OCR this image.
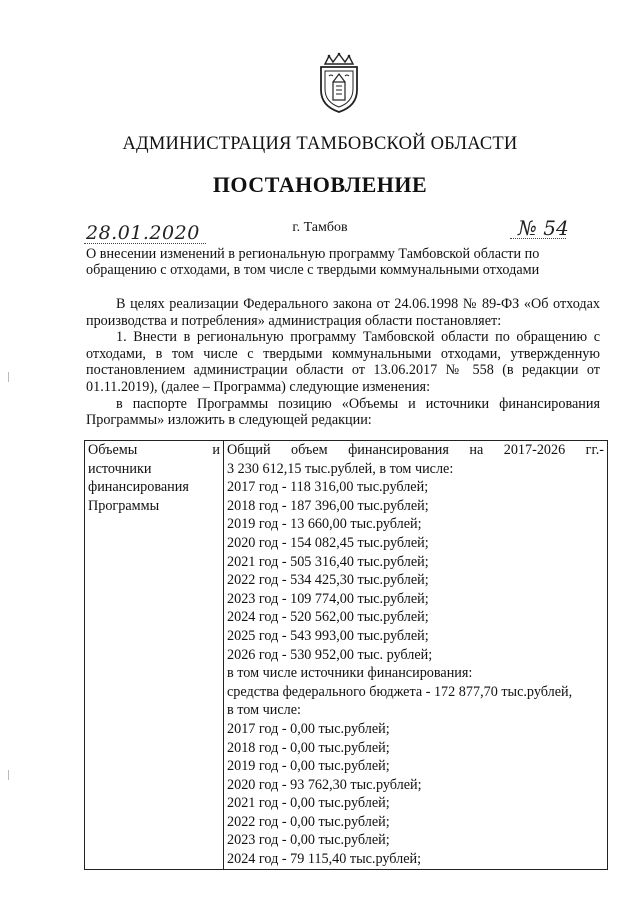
АДМИНИСТРАЦИЯ ТАМБОВСКОЙ ОБЛАСТИ
ПОСТАНОВЛЕНИЕ
28.01.2020	г. Тамбов	№ 54
О внесении изменений в региональную программу Тамбовской области по
обращению с отходами, в том числе с твердыми коммунальными отходами

В целях реализации Федерального закона от 24.06.1998 № 89-ФЗ «Об отходах производства и потребления» администрация области постановляет:

1. Внести в региональную программу Тамбовской области по обращению с отходами, в том числе с твердыми коммунальными отходами, утвержденную постановлением администрации области от 13.06.2017 № 558 (в редакции от 01.11.2019), (далее – Программа) следующие изменения:

в паспорте Программы позицию «Объемы и источники финансирования Программы» изложить в следующей редакции:

Объемы	и
источники
финансирования
Программы

Общий объем финансирования на 2017-2026 гг.-
3 230 612,15 тыс.рублей, в том числе:
2017 год - 118 316,00 тыс.рублей;
2018 год - 187 396,00 тыс.рублей;
2019 год - 13 660,00 тыс.рублей;
2020 год - 154 082,45 тыс.рублей;
2021 год - 505 316,40 тыс.рублей;
2022 год - 534 425,30 тыс.рублей;
2023 год - 109 774,00 тыс.рублей;
2024 год - 520 562,00 тыс.рублей;
2025 год - 543 993,00 тыс.рублей;
2026 год - 530 952,00 тыс. рублей;
в том числе источники финансирования:
средства федерального бюджета - 172 877,70 тыс.рублей,
в том числе:
2017 год - 0,00 тыс.рублей;
2018 год - 0,00 тыс.рублей;
2019 год - 0,00 тыс.рублей;
2020 год - 93 762,30 тыс.рублей;
2021 год - 0,00 тыс.рублей;
2022 год - 0,00 тыс.рублей;
2023 год - 0,00 тыс.рублей;
2024 год - 79 115,40 тыс.рублей;
